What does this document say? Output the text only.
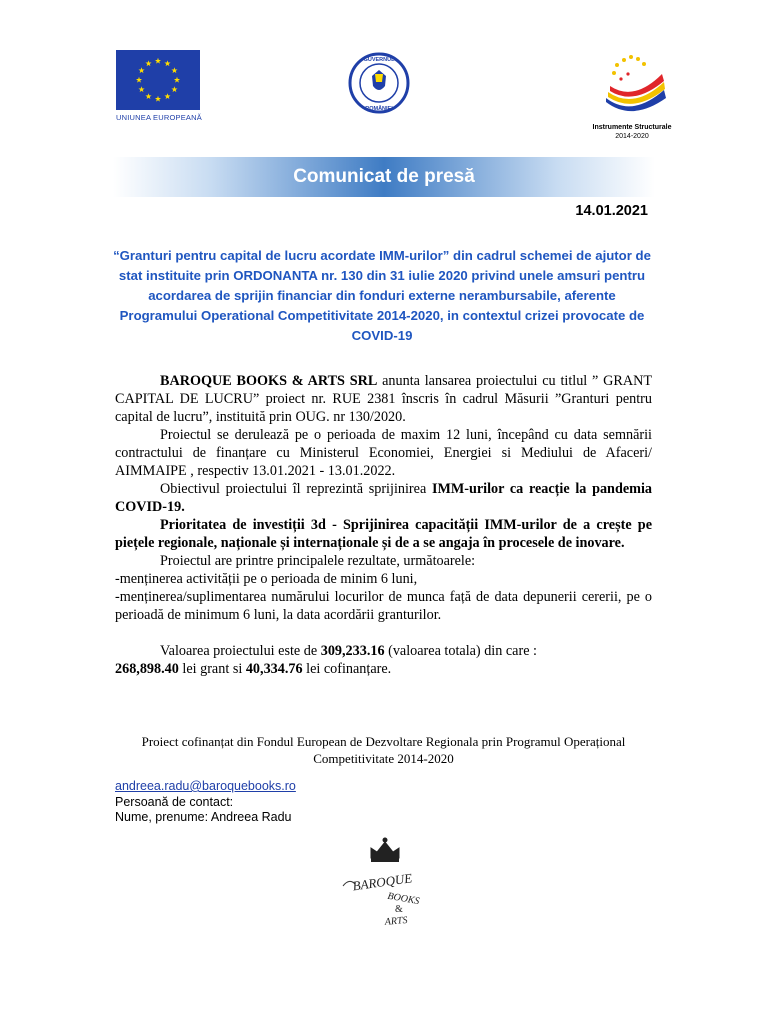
UNIUNEA EUROPEANĂ
GUVERNUL
ROMÂNIEI
Instrumente Structurale
2014-2020
Comunicat de presă
14.01.2021
“Granturi pentru capital de lucru acordate IMM-urilor” din cadrul schemei de ajutor de stat instituite prin ORDONANTA nr. 130 din 31 iulie 2020 privind unele amsuri pentru acordarea de sprijin financiar din fonduri externe nerambursabile, aferente Programului Operational Competitivitate 2014-2020, in contextul crizei provocate de COVID-19

BAROQUE BOOKS & ARTS SRL anunta lansarea proiectului cu titlul ” GRANT CAPITAL DE LUCRU” proiect nr. RUE 2381 înscris în cadrul Măsurii ”Granturi pentru capital de lucru”, instituită prin OUG. nr 130/2020.

Proiectul se derulează pe o perioada de maxim 12 luni, începând cu data semnării contractului de finanțare cu Ministerul Economiei, Energiei si Mediului de Afaceri/ AIMMAIPE , respectiv 13.01.2021 - 13.01.2022.

Obiectivul proiectului îl reprezintă sprijinirea IMM-urilor ca reacție la pandemia COVID-19.

Prioritatea de investiții 3d - Sprijinirea capacității IMM-urilor de a crește pe piețele regionale, naționale și internaționale și de a se angaja în procesele de inovare.

Proiectul are printre principalele rezultate, următoarele:

-menținerea activității pe o perioada de minim 6 luni,

-menținerea/suplimentarea numărului locurilor de munca față de data depunerii cererii, pe o perioadă de minimum 6 luni, la data acordării granturilor.

Valoarea proiectului este de 309,233.16 (valoarea totala) din care :
268,898.40 lei grant si 40,334.76 lei cofinanțare.

Proiect cofinanțat din Fondul European de Dezvoltare Regionala prin Programul Operațional Competitivitate 2014-2020
andreea.radu@baroquebooks.ro
Persoană de contact:
Nume, prenume: Andreea Radu
BAROQUE
BOOKS
&
ARTS
